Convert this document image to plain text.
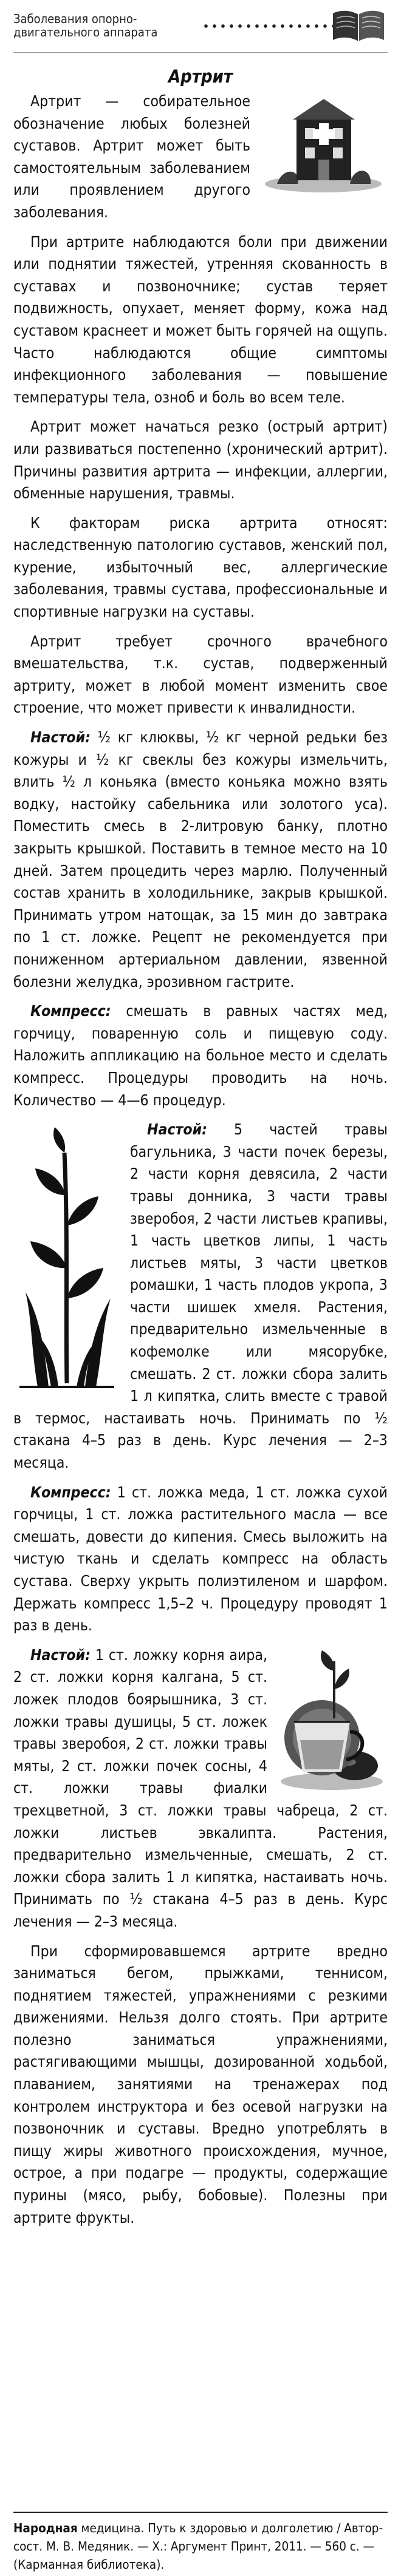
Заболевания опорно-двигательного аппарата
Артрит

Артрит — собирательное обозначение любых болезней суставов. Артрит может быть самостоятельным заболеванием или проявлением другого заболевания.

При артрите наблюдаются боли при движении или поднятии тяжестей, утренняя скованность в суставах и позвоночнике; сустав теряет подвижность, опухает, меняет форму, кожа над суставом краснеет и может быть горячей на ощупь. Часто наблюдаются общие симптомы инфекционного заболевания — повышение температуры тела, озноб и боль во всем теле.

Артрит может начаться резко (острый артрит) или развиваться постепенно (хронический артрит). Причины развития артрита — инфекции, аллергии, обменные нарушения, травмы.

К факторам риска артрита относят: наследственную патологию суставов, женский пол, курение, избыточный вес, аллергические заболевания, травмы сустава, профессиональные и спортивные нагрузки на суставы.

Артрит требует срочного врачебного вмешательства, т.к. сустав, подверженный артриту, может в любой момент изменить свое строение, что может привести к инвалидности.

Настой: ½ кг клюквы, ½ кг черной редьки без кожуры и ½ кг свеклы без кожуры измельчить, влить ½ л коньяка (вместо коньяка можно взять водку, настойку сабельника или золотого уса). Поместить смесь в 2-литровую банку, плотно закрыть крышкой. Поставить в темное место на 10 дней. Затем процедить через марлю. Полученный состав хранить в холодильнике, закрыв крышкой. Принимать утром натощак, за 15 мин до завтрака по 1 ст. ложке. Рецепт не рекомендуется при пониженном артериальном давлении, язвенной болезни желудка, эрозивном гастрите.

Компресс: смешать в равных частях мед, горчицу, поваренную соль и пищевую соду. Наложить аппликацию на больное место и сделать компресс. Процедуры проводить на ночь. Количество — 4—6 процедур.

Настой: 5 частей травы багульника, 3 части почек березы, 2 части корня девясила, 2 части травы донника, 3 части травы зверобоя, 2 части листьев крапивы, 1 часть цветков липы, 1 часть листьев мяты, 3 части цветков ромашки, 1 часть плодов укропа, 3 части шишек хмеля. Растения, предварительно измельченные в кофемолке или мясорубке, смешать. 2 ст. ложки сбора залить 1 л кипятка, слить вместе с травой в термос, настаивать ночь. Принимать по ½ стакана 4–5 раз в день. Курс лечения — 2–3 месяца.

Компресс: 1 ст. ложка меда, 1 ст. ложка сухой горчицы, 1 ст. ложка растительного масла — все смешать, довести до кипения. Смесь выложить на чистую ткань и сделать компресс на область сустава. Сверху укрыть полиэтиленом и шарфом. Держать компресс 1,5–2 ч. Процедуру проводят 1 раз в день.

Настой: 1 ст. ложку корня аира, 2 ст. ложки корня калгана, 5 ст. ложек плодов боярышника, 3 ст. ложки травы душицы, 5 ст. ложек травы зверобоя, 2 ст. ложки травы мяты, 2 ст. ложки почек сосны, 4 ст. ложки травы фиалки трехцветной, 3 ст. ложки травы чабреца, 2 ст. ложки листьев эвкалипта. Растения, предварительно измельченные, смешать, 2 ст. ложки сбора залить 1 л кипятка, настаивать ночь. Принимать по ½ стакана 4–5 раз в день. Курс лечения — 2–3 месяца.

При сформировавшемся артрите вредно заниматься бегом, прыжками, теннисом, поднятием тяжестей, упражнениями с резкими движениями. Нельзя долго стоять. При артрите полезно заниматься упражнениями, растягивающими мышцы, дозированной ходьбой, плаванием, занятиями на тренажерах под контролем инструктора и без осевой нагрузки на позвоночник и суставы. Вредно употреблять в пищу жиры животного происхождения, мучное, острое, а при подагре — продукты, содержащие пурины (мясо, рыбу, бобовые). Полезны при артрите фрукты.

Народная медицина. Путь к здоровью и долголетию / Автор-сост. М. В. Медяник. — Х.: Аргумент Принт, 2011. — 560 с. — (Карманная библиотека).
